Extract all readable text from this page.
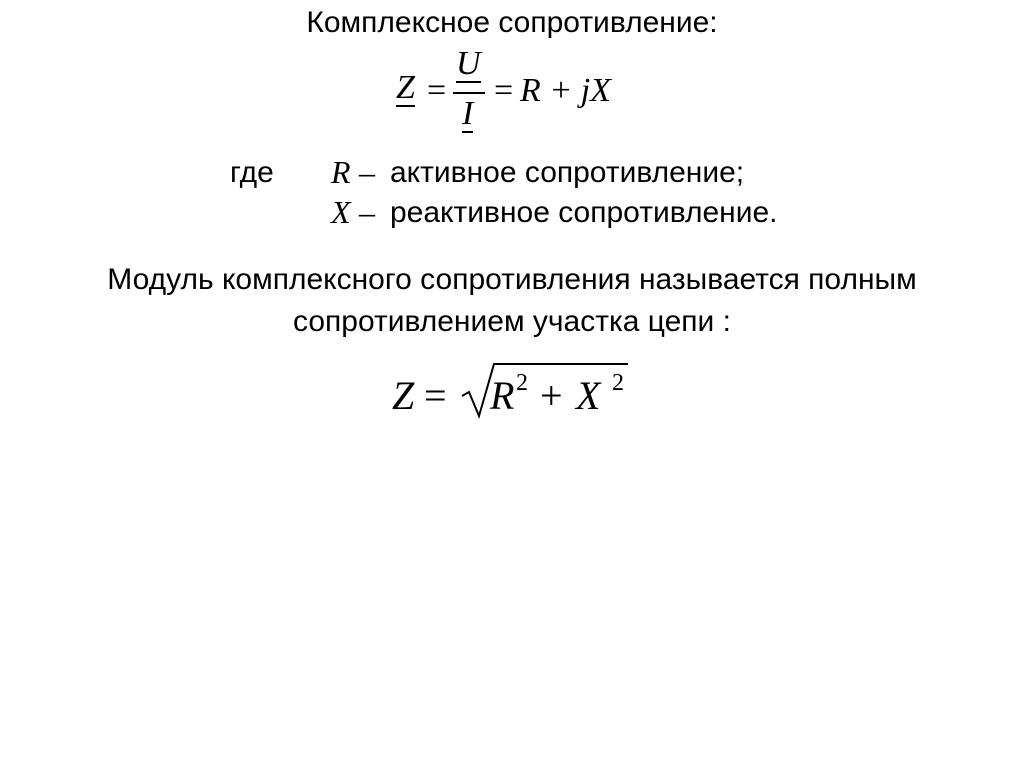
Комплексное сопротивление:
Z =
U
I
= R + jX
где R – активное сопротивление;
X – реактивное сопротивление.
Модуль комплексного сопротивления называется полным
сопротивлением участка цепи :
Z = R 2 + X 2
